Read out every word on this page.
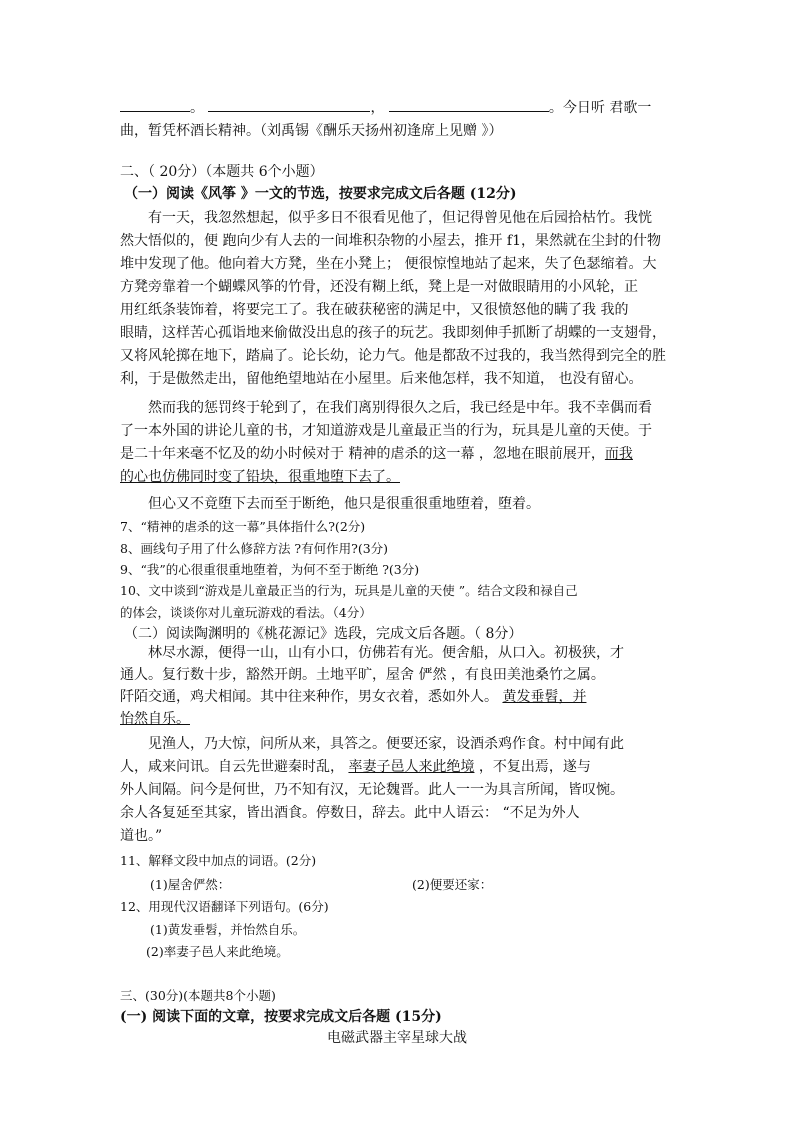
。	，	。今日听 君歌一
曲，暂凭杯酒长精神。（刘禹锡《酬乐天扬州初逢席上见赠 》）
二、（ 20分）（本题共 6个小题）
（一）阅读《风筝 》一文的节选，按要求完成文后各题 (12分)
有一天，我忽然想起，似乎多日不很看见他了，但记得曾见他在后园拾枯竹。我恍
然大悟似的，便 跑向少有人去的一间堆积杂物的小屋去，推开 f1，果然就在尘封的什物
堆中发现了他。他向着大方凳，坐在小凳上； 便很惊惶地站了起来，失了色瑟缩着。大
方凳旁靠着一个蝴蝶风筝的竹骨，还没有糊上纸，凳上是一对做眼睛用的小风轮，正
用红纸条装饰着，将要完工了。我在破获秘密的满足中，又很愤怒他的瞒了我 我的
眼睛，这样苦心孤诣地来偷做没出息的孩子的玩艺。我即刻伸手抓断了胡蝶的一支翅骨，
又将风轮掷在地下，踏扁了。论长幼，论力气。他是都敌不过我的，我当然得到完全的胜
利，于是傲然走出，留他绝望地站在小屋里。后来他怎样，我不知道， 也没有留心。
然而我的惩罚终于轮到了，在我们离别得很久之后，我已经是中年。我不幸偶而看
了一本外国的讲论儿童的书，才知道游戏是儿童最正当的行为，玩具是儿童的天使。于
是二十年来毫不忆及的幼小时候对于 精神的虐杀的这一幕 ，忽地在眼前展开，而我
的心也仿佛同时变了铅块，很重地堕下去了。
但心又不竟堕下去而至于断绝，他只是很重很重地堕着，堕着。
7、“精神的虐杀的这一幕”具体指什么?(2分)
8、画线句子用了什么修辞方法 ?有何作用?(3分)
9、“我”的心很重很重地堕着，为何不至于断绝 ?(3分)
10、文中谈到“游戏是儿童最正当的行为，玩具是儿童的天使 ”。结合文段和禄自己
的体会，谈谈你对儿童玩游戏的看法。（4分）
（二）阅读陶渊明的《桃花源记》选段，完成文后各题。（ 8分）
林尽水源，便得一山，山有小口，仿佛若有光。便舍船，从口入。初极狭，才
通人。复行数十步，豁然开朗。土地平旷，屋舍 俨然 ，有良田美池桑竹之属。
阡陌交通，鸡犬相闻。其中往来种作，男女衣着，悉如外人。 黄发垂髫，并
怡然自乐。
见渔人，乃大惊，问所从来，具答之。便要还家，设酒杀鸡作食。村中闻有此
人，咸来问讯。自云先世避秦时乱， 率妻子邑人来此绝境 ，不复出焉，遂与
外人间隔。问今是何世，乃不知有汉，无论魏晋。此人一一为具言所闻，皆叹惋。
余人各复延至其家，皆出酒食。停数日，辞去。此中人语云： “不足为外人
道也。”
11、解释文段中加点的词语。(2分)
(1)屋舍俨然：	(2)便要还家：
12、用现代汉语翻译下列语句。(6分)
(1)黄发垂髫，并怡然自乐。
(2)率妻子邑人来此绝境。
三、(30分)(本题共8个小题)
(一) 阅读下面的文章，按要求完成文后各题 (15分)
电磁武器主宰星球大战
